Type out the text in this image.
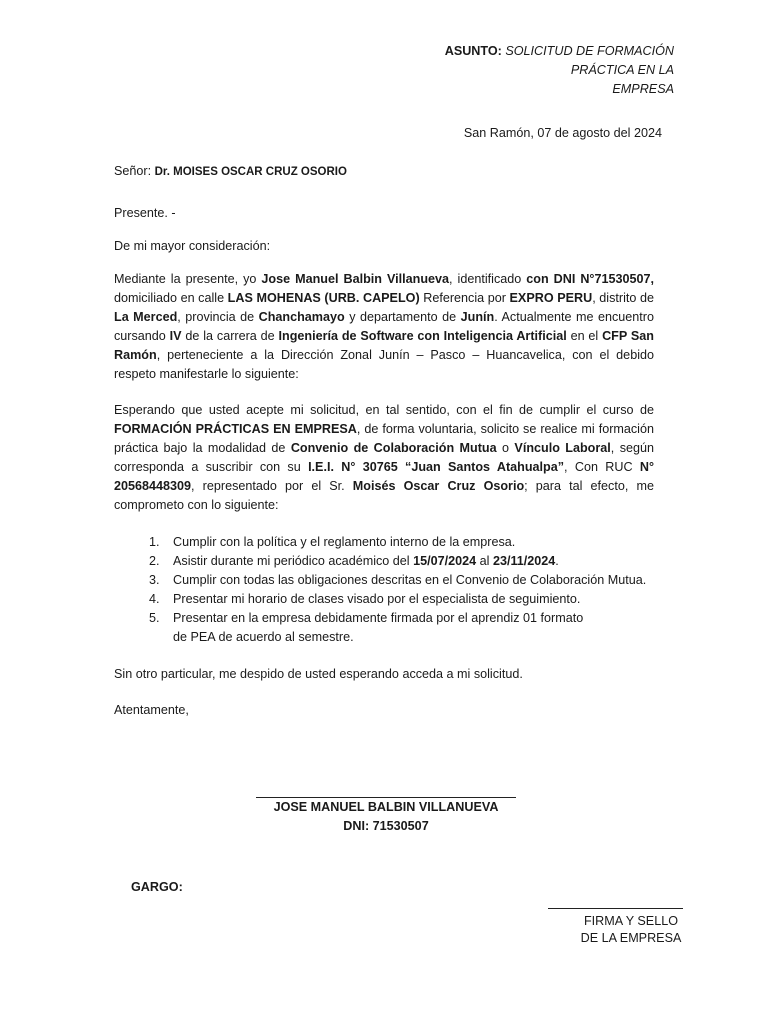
ASUNTO: SOLICITUD DE FORMACIÓN
PRÁCTICA EN LA
EMPRESA
San Ramón, 07 de agosto del 2024
Señor: Dr. MOISES OSCAR CRUZ OSORIO
Presente. -
De mi mayor consideración:
Mediante la presente, yo Jose Manuel Balbin Villanueva, identificado con DNI N°71530507, domiciliado en calle LAS MOHENAS (URB. CAPELO) Referencia por EXPRO PERU, distrito de La Merced, provincia de Chanchamayo y departamento de Junín. Actualmente me encuentro cursando IV de la carrera de Ingeniería de Software con Inteligencia Artificial en el CFP San Ramón, perteneciente a la Dirección Zonal Junín – Pasco – Huancavelica, con el debido respeto manifestarle lo siguiente:
Esperando que usted acepte mi solicitud, en tal sentido, con el fin de cumplir el curso de FORMACIÓN PRÁCTICAS EN EMPRESA, de forma voluntaria, solicito se realice mi formación práctica bajo la modalidad de Convenio de Colaboración Mutua o Vínculo Laboral, según corresponda a suscribir con su I.E.I. N° 30765 “Juan Santos Atahualpa”, Con RUC N° 20568448309, representado por el Sr. Moisés Oscar Cruz Osorio; para tal efecto, me comprometo con lo siguiente:
1. Cumplir con la política y el reglamento interno de la empresa.
2. Asistir durante mi periódico académico del 15/07/2024 al 23/11/2024.
3. Cumplir con todas las obligaciones descritas en el Convenio de Colaboración Mutua.
4. Presentar mi horario de clases visado por el especialista de seguimiento.
5. Presentar en la empresa debidamente firmada por el aprendiz 01 formato de PEA de acuerdo al semestre.
Sin otro particular, me despido de usted esperando acceda a mi solicitud.
Atentamente,
JOSE MANUEL BALBIN VILLANUEVA
DNI: 71530507
GARGO:
FIRMA Y SELLO
DE LA EMPRESA
